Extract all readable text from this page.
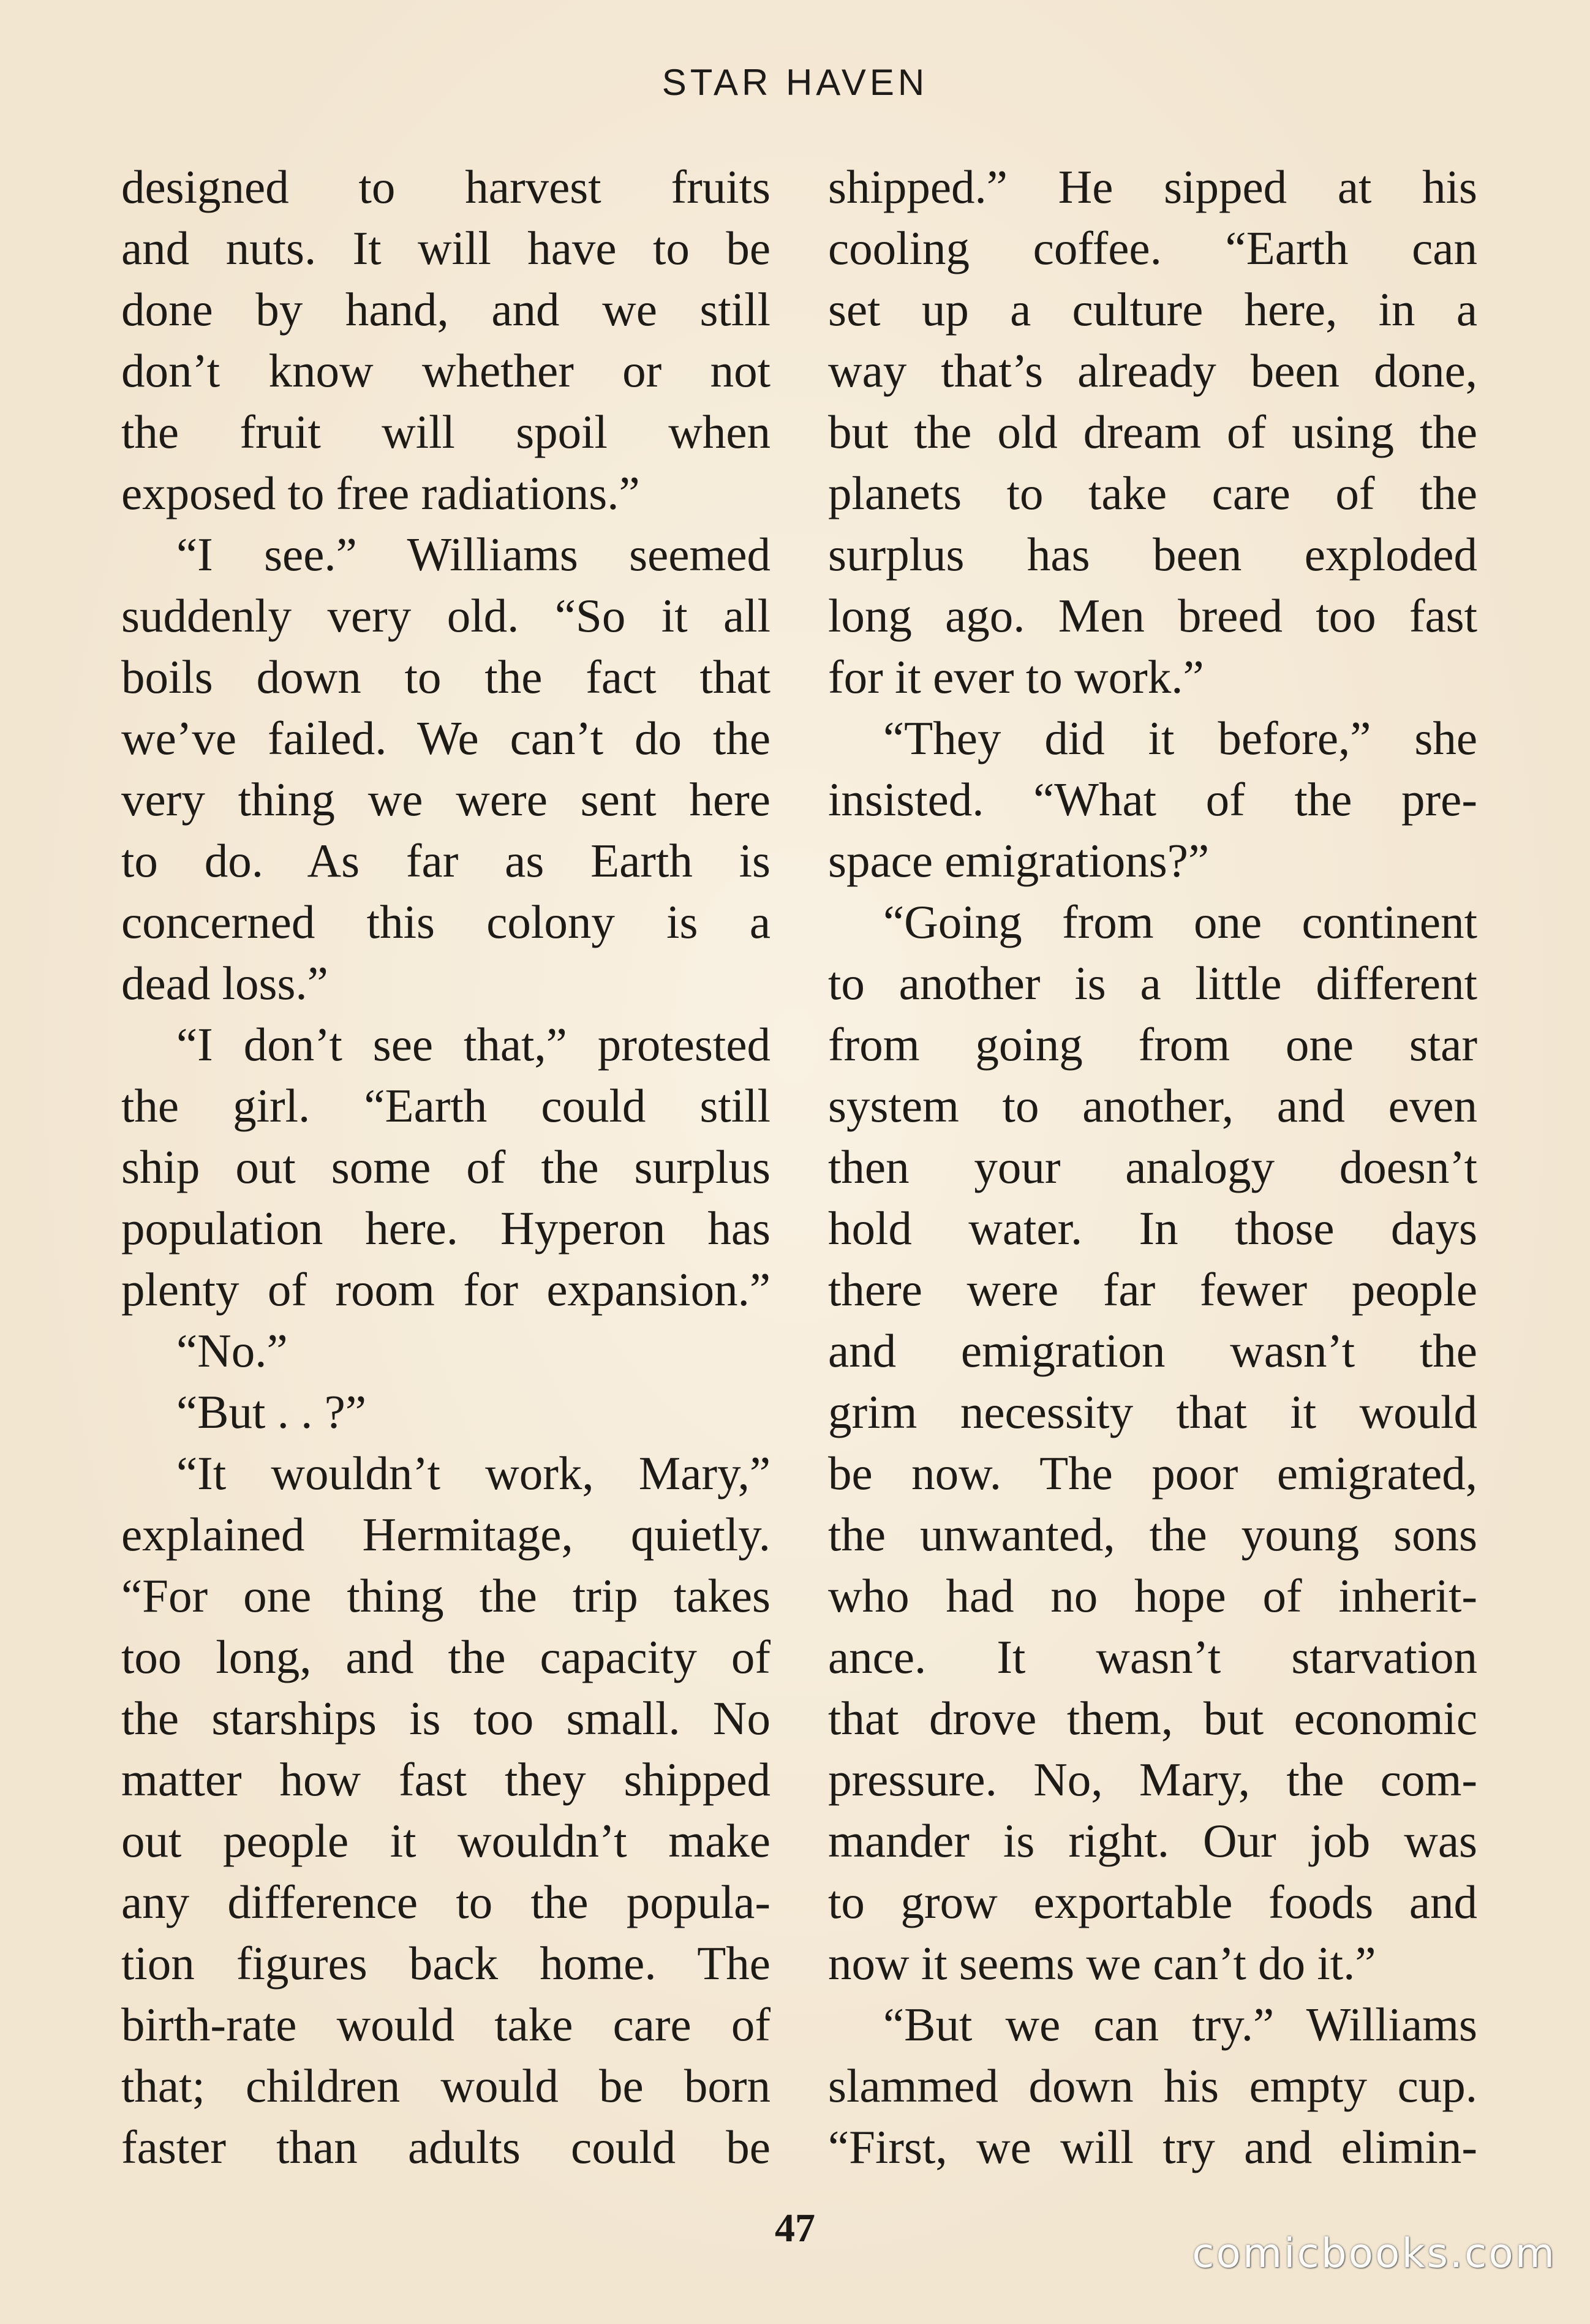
STAR HAVEN
designed to harvest fruits
and nuts. It will have to be
done by hand, and we still
don’t know whether or not
the fruit will spoil when
exposed to free radiations.”
“I see.” Williams seemed
suddenly very old. “So it all
boils down to the fact that
we’ve failed. We can’t do the
very thing we were sent here
to do. As far as Earth is
concerned this colony is a
dead loss.”
“I don’t see that,” protested
the girl. “Earth could still
ship out some of the surplus
population here. Hyperon has
plenty of room for expansion.”
“No.”
“But . . ?”
“It wouldn’t work, Mary,”
explained Hermitage, quietly.
“For one thing the trip takes
too long, and the capacity of
the starships is too small. No
matter how fast they shipped
out people it wouldn’t make
any difference to the popula-
tion figures back home. The
birth-rate would take care of
that; children would be born
faster than adults could be
shipped.” He sipped at his
cooling coffee. “Earth can
set up a culture here, in a
way that’s already been done,
but the old dream of using the
planets to take care of the
surplus has been exploded
long ago. Men breed too fast
for it ever to work.”
“They did it before,” she
insisted. “What of the pre-
space emigrations?”
“Going from one continent
to another is a little different
from going from one star
system to another, and even
then your analogy doesn’t
hold water. In those days
there were far fewer people
and emigration wasn’t the
grim necessity that it would
be now. The poor emigrated,
the unwanted, the young sons
who had no hope of inherit-
ance. It wasn’t starvation
that drove them, but economic
pressure. No, Mary, the com-
mander is right. Our job was
to grow exportable foods and
now it seems we can’t do it.”
“But we can try.” Williams
slammed down his empty cup.
“First, we will try and elimin-
47
comicbooks.com
